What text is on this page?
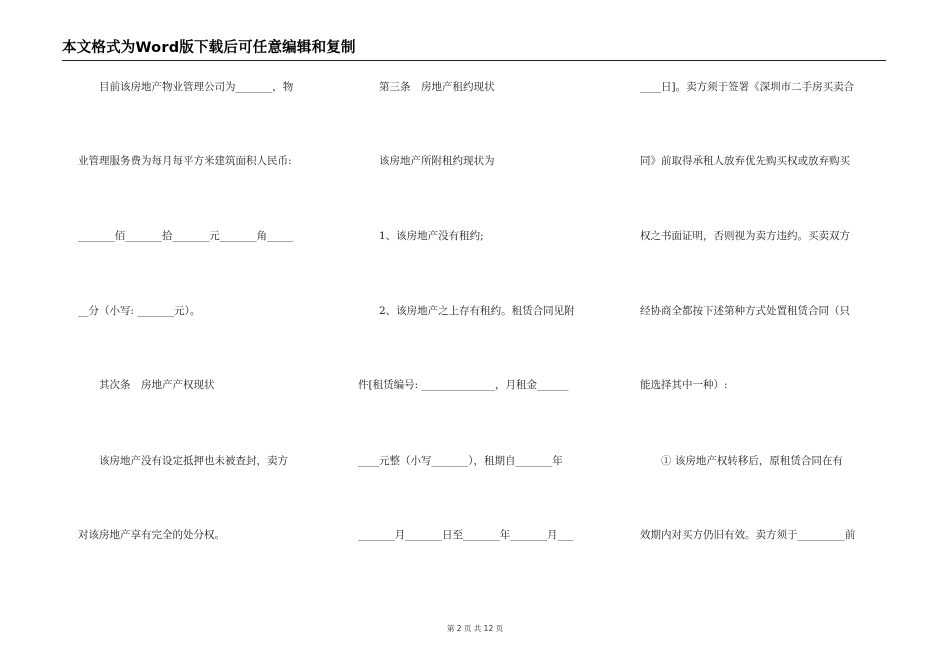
本文格式为Word版下载后可任意编辑和复制
　　目前该房地产物业管理公司为_______，物
业管理服务费为每月每平方米建筑面积人民币:
_______佰_______拾_______元_______角_____
__分（小写: _______元）。
　　其次条　房地产产权现状
　　该房地产没有设定抵押也未被查封，卖方
对该房地产享有完全的处分权。
　　第三条　房地产租约现状
　　该房地产所附租约现状为
　　1、该房地产没有租约;
　　2、该房地产之上存有租约。租赁合同见附
件[租赁编号: ______________，月租金______
____元整（小写_______），租期自_______年
_______月_______日至_______年_______月___
____日]。卖方须于签署《深圳市二手房买卖合
同》前取得承租人放弃优先购买权或放弃购买
权之书面证明，否则视为卖方违约。买卖双方
经协商全都按下述第种方式处置租赁合同（只
能选择其中一种）:
　　① 该房地产权转移后，原租赁合同在有
效期内对买方仍旧有效。卖方须于_________前
第 2 页 共 12 页
